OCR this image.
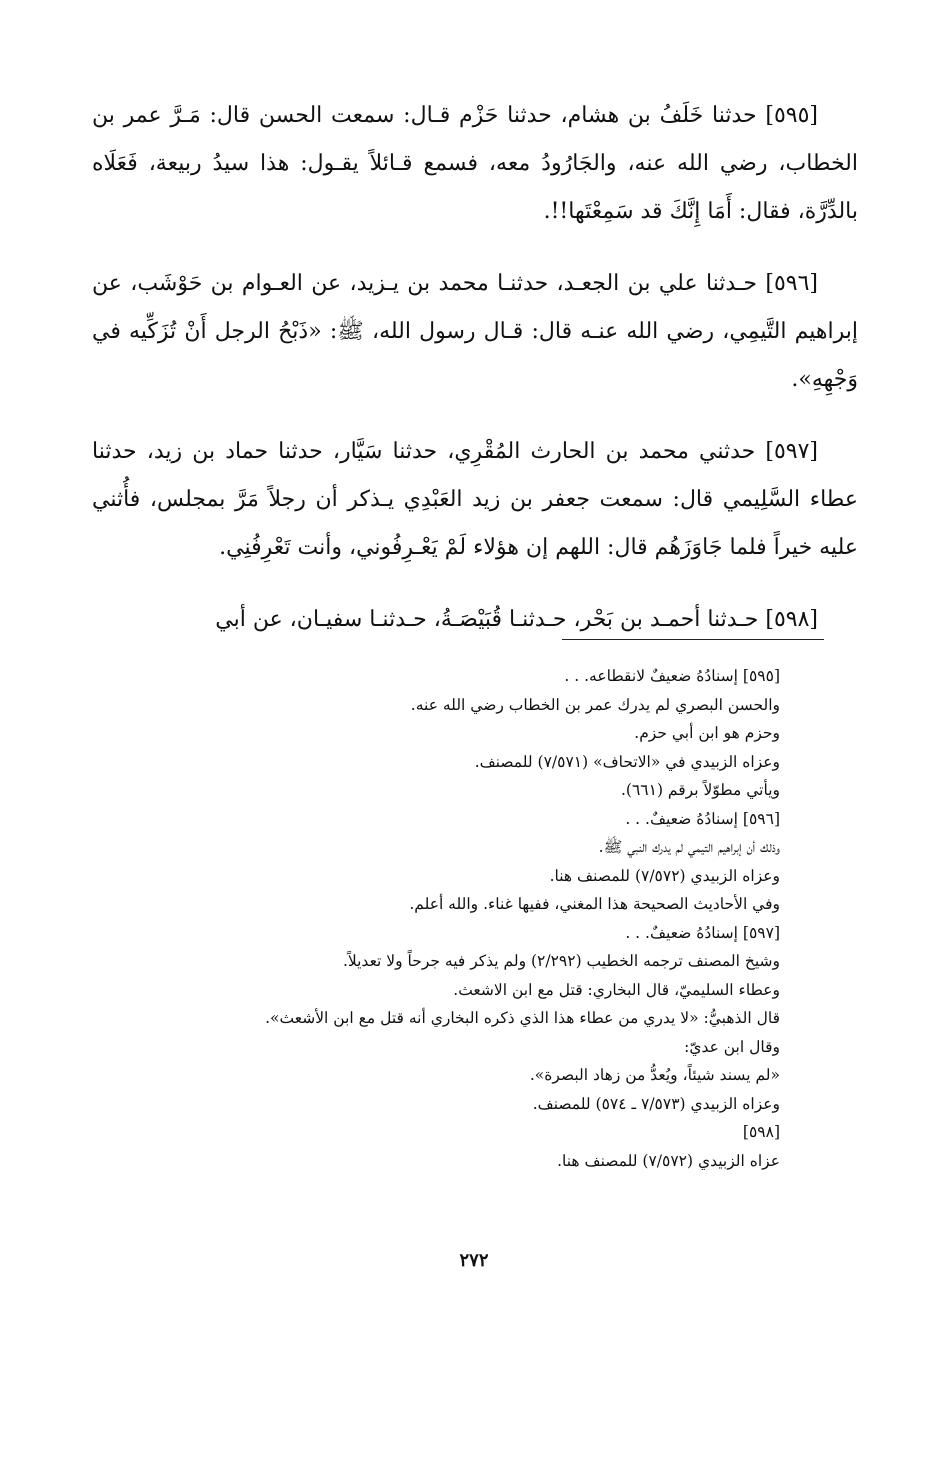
[٥٩٥] حدثنا خَلَفُ بن هشام، حدثنا حَزْم قـال: سمعت الحسن قال: مَـرَّ عمر بن الخطاب، رضي الله عنه، والجَارُودُ معه، فسمع قـائلاً يقـول: هذا سيدُ ربيعة، فَعَلَاه بالدِّرَّة، فقال: أَمَا إِنَّكَ قد سَمِعْتَها!!.

[٥٩٦] حـدثنا علي بن الجعـد، حدثنـا محمد بن يـزيد، عن العـوام بن حَوْشَب، عن إبراهيم التَّيمِي، رضي الله عنـه قال: قـال رسول الله، ﷺ: «ذَبْحُ الرجل أَنْ تُزَكِّيه في وَجْهِهِ».

[٥٩٧] حدثني محمد بن الحارث المُقْرِي، حدثنا سَيَّار، حدثنا حماد بن زيد، حدثنا عطاء السَّلِيمي قال: سمعت جعفر بن زيد العَبْدِي يـذكر أن رجلاً مَرَّ بمجلس، فأُثني عليه خيراً فلما جَاوَزَهُم قال: اللهم إن هؤلاء لَمْ يَعْـرِفُوني، وأنت تَعْرِفُنِي.

[٥٩٨] حـدثنا أحمـد بن بَحْر، حـدثنـا قُبَيْصَـةُ، حـدثنـا سفيـان، عن أبي

[٥٩٥] إسنادُهُ ضعيفٌ لانقطاعه. . .
والحسن البصري لم يدرك عمر بن الخطاب رضي الله عنه.
وحزم هو ابن أبي حزم.
وعزاه الزبيدي في «الاتحاف» (٧/٥٧١) للمصنف.
ويأتي مطوّلاً برقم (٦٦١).
[٥٩٦] إسنادُهُ ضعيفٌ. . .
وذلك أن إبراهيم التيمي لم يدرك النبي ﷺ.
وعزاه الزبيدي (٧/٥٧٢) للمصنف هنا.
وفي الأحاديث الصحيحة هذا المغني، ففيها غناء. والله أعلم.
[٥٩٧] إسنادُهُ ضعيفٌ. . .
وشيخ المصنف ترجمه الخطيب (٢/٢٩٢) ولم يذكر فيه جرحاً ولا تعديلاً.
وعطاء السليميّ، قال البخاري: قتل مع ابن الاشعث.
قال الذهبيُّ: «لا يدري من عطاء هذا الذي ذكره البخاري أنه قتل مع ابن الأشعث».
وقال ابن عديّ:
«لم يسند شيئاً، ويُعدُّ من زهاد البصرة».
وعزاه الزبيدي (٧/٥٧٣ ـ ٥٧٤) للمصنف.
[٥٩٨]
عزاه الزبيدي (٧/٥٧٢) للمصنف هنا.
٢٧٢
